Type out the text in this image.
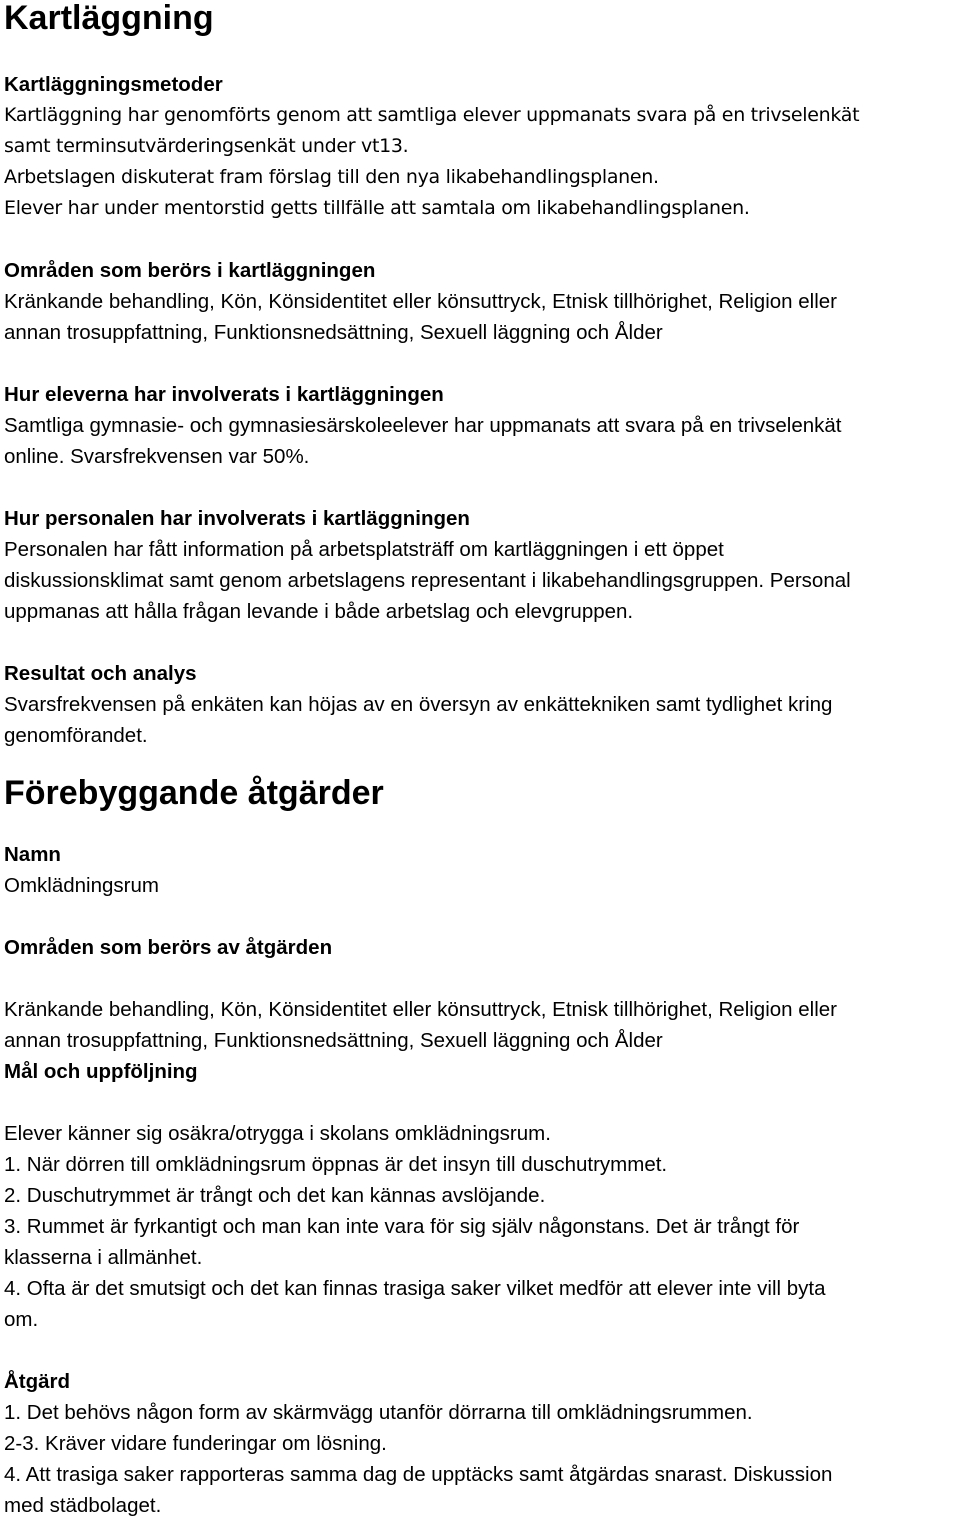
Kartläggning
Kartläggningsmetoder
Kartläggning har genomförts genom att samtliga elever uppmanats svara på en trivselenkät
samt terminsutvärderingsenkät under vt13.
Arbetslagen diskuterat fram förslag till den nya likabehandlingsplanen.
Elever har under mentorstid getts tillfälle att samtala om likabehandlingsplanen.
Områden som berörs i kartläggningen
Kränkande behandling, Kön, Könsidentitet eller könsuttryck, Etnisk tillhörighet, Religion eller
annan trosuppfattning, Funktionsnedsättning, Sexuell läggning och Ålder
Hur eleverna har involverats i kartläggningen
Samtliga gymnasie- och gymnasiesärskoleelever har uppmanats att svara på en trivselenkät
online. Svarsfrekvensen var 50%.
Hur personalen har involverats i kartläggningen
Personalen har fått information på arbetsplatsträff om kartläggningen i ett öppet
diskussionsklimat samt genom arbetslagens representant i likabehandlingsgruppen. Personal
uppmanas att hålla frågan levande i både arbetslag och elevgruppen.
Resultat och analys
Svarsfrekvensen på enkäten kan höjas av en översyn av enkättekniken samt tydlighet kring
genomförandet.
Förebyggande åtgärder
Namn
Omklädningsrum
Områden som berörs av åtgärden
Kränkande behandling, Kön, Könsidentitet eller könsuttryck, Etnisk tillhörighet, Religion eller
annan trosuppfattning, Funktionsnedsättning, Sexuell läggning och Ålder
Mål och uppföljning
Elever känner sig osäkra/otrygga i skolans omklädningsrum.
1. När dörren till omklädningsrum öppnas är det insyn till duschutrymmet.
2. Duschutrymmet är trångt och det kan kännas avslöjande.
3. Rummet är fyrkantigt och man kan inte vara för sig själv någonstans. Det är trångt för
klasserna i allmänhet.
4. Ofta är det smutsigt och det kan finnas trasiga saker vilket medför att elever inte vill byta
om.
Åtgärd
1. Det behövs någon form av skärmvägg utanför dörrarna till omklädningsrummen.
2-3. Kräver vidare funderingar om lösning.
4. Att trasiga saker rapporteras samma dag de upptäcks samt åtgärdas snarast. Diskussion
med städbolaget.
